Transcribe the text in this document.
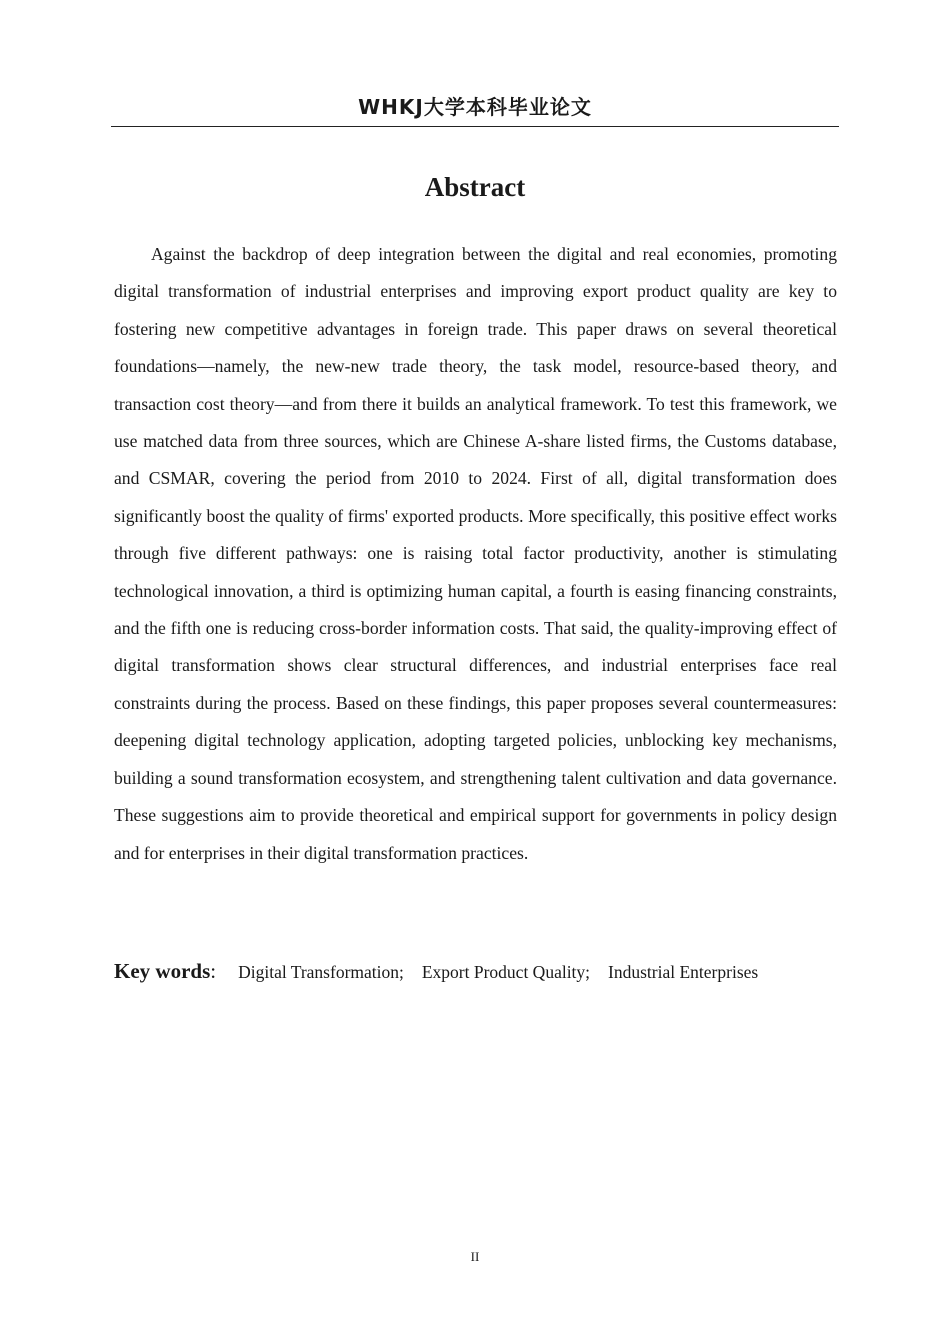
WHKJ大学本科毕业论文
Abstract

Against the backdrop of deep integration between the digital and real economies, promoting digital transformation of industrial enterprises and improving export product quality are key to fostering new competitive advantages in foreign trade. This paper draws on several theoretical foundations—namely, the new-new trade theory, the task model, resource-based theory, and transaction cost theory—and from there it builds an analytical framework. To test this framework, we use matched data from three sources, which are Chinese A-share listed firms, the Customs database, and CSMAR, covering the period from 2010 to 2024. First of all, digital transformation does significantly boost the quality of firms' exported products. More specifically, this positive effect works through five different pathways: one is raising total factor productivity, another is stimulating technological innovation, a third is optimizing human capital, a fourth is easing financing constraints, and the fifth one is reducing cross-border information costs. That said, the quality-improving effect of digital transformation shows clear structural differences, and industrial enterprises face real constraints during the process. Based on these findings, this paper proposes several countermeasures: deepening digital technology application, adopting targeted policies, unblocking key mechanisms, building a sound transformation ecosystem, and strengthening talent cultivation and data governance. These suggestions aim to provide theoretical and empirical support for governments in policy design and for enterprises in their digital transformation practices.

Key words: Digital Transformation; Export Product Quality; Industrial Enterprises
II
